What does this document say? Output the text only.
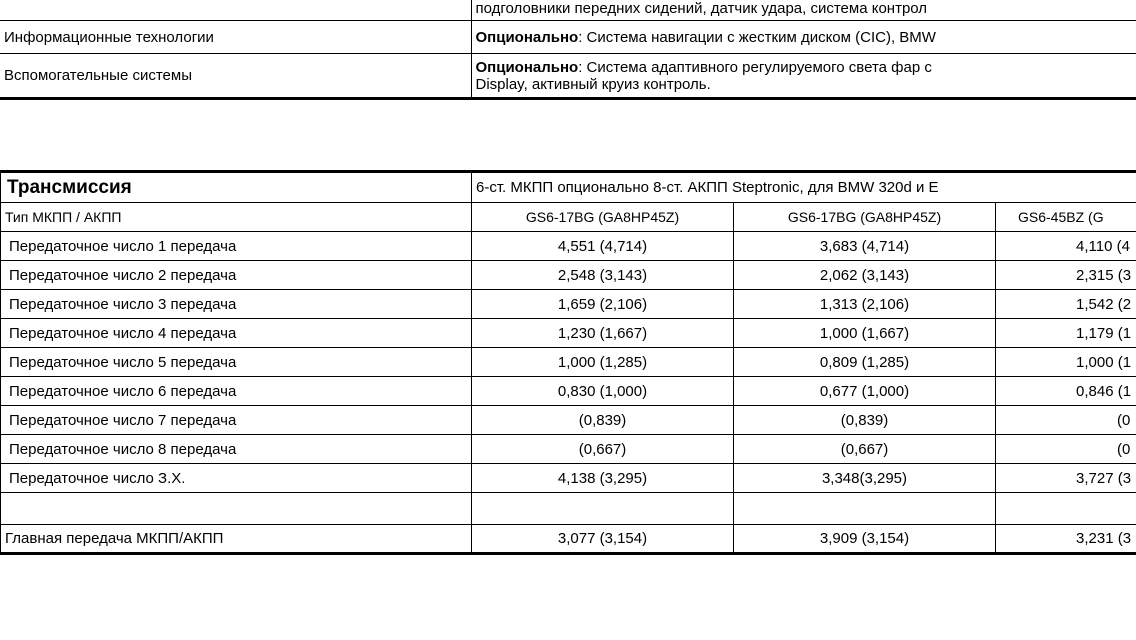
	подголовники передних сидений, датчик удара, система контрол
Информационные технологии	Опционально: Система навигации с жестким диском (CIC), BMW
Вспомогательные системы	Опционально: Система адаптивного регулируемого света фар с
Display, активный круиз контроль.
Трансмиссия	6-ст. МКПП опционально 8-ст. АКПП Steptronic, для BMW 320d и E		
Тип МКПП / АКПП	GS6-17BG (GA8HP45Z)	GS6-17BG (GA8HP45Z)	GS6-45BZ (G
Передаточное число 1 передача	4,551 (4,714)	3,683 (4,714)	4,110 (4
Передаточное число 2 передача	2,548 (3,143)	2,062 (3,143)	2,315 (3
Передаточное число 3 передача	1,659 (2,106)	1,313 (2,106)	1,542 (2
Передаточное число 4 передача	1,230 (1,667)	1,000 (1,667)	1,179 (1
Передаточное число 5 передача	1,000 (1,285)	0,809 (1,285)	1,000 (1
Передаточное число 6 передача	0,830 (1,000)	0,677 (1,000)	0,846 (1
Передаточное число 7 передача	(0,839)	(0,839)	(0
Передаточное число 8 передача	(0,667)	(0,667)	(0
Передаточное число З.Х.	4,138 (3,295)	3,348(3,295)	3,727 (3

Главная передача МКПП/АКПП	3,077 (3,154)	3,909 (3,154)	3,231 (3
